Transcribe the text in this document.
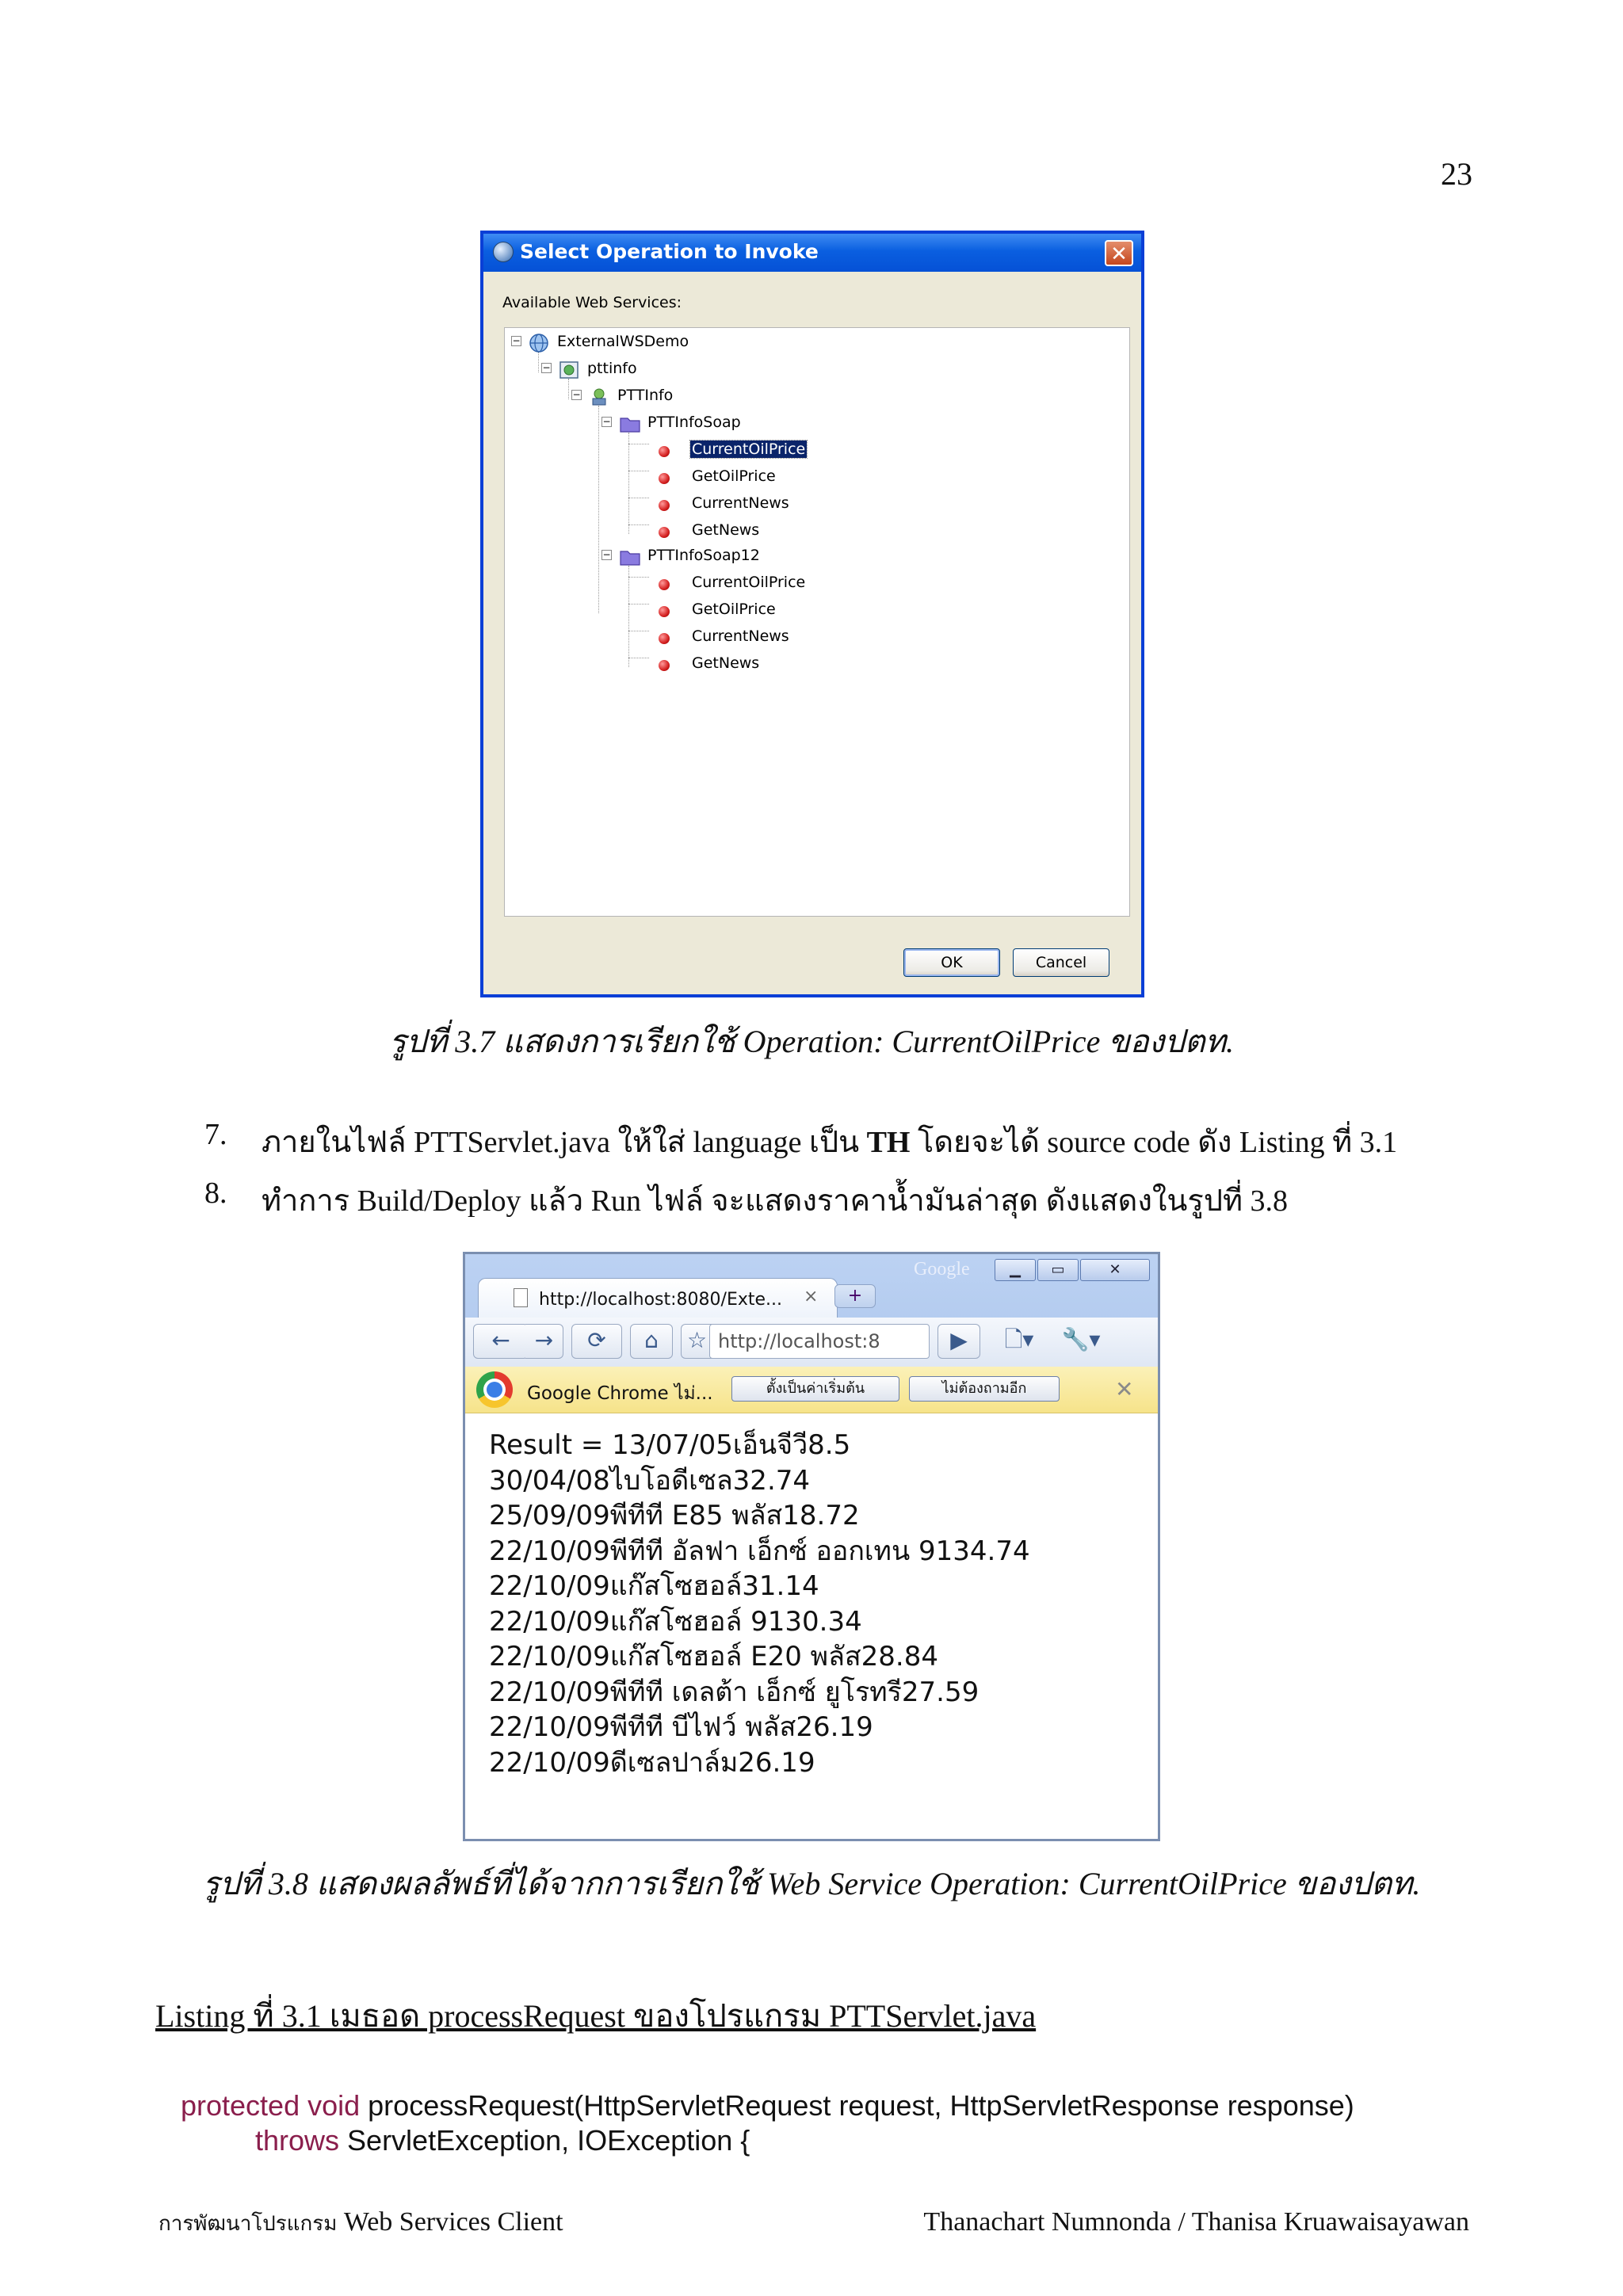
23
Select Operation to Invoke	✕
Available Web Services:
− ExternalWSDemo
− pttinfo
− PTTInfo
− PTTInfoSoap
CurrentOilPrice
GetOilPrice
CurrentNews
GetNews
− PTTInfoSoap12
CurrentOilPrice
GetOilPrice
CurrentNews
GetNews
OK	Cancel
รูปที่ 3.7 แสดงการเรียกใช้ Operation: CurrentOilPrice ของปตท.
7. ภายในไฟล์ PTTServlet.java ให้ใส่ language เป็น TH โดยจะได้ source code ดัง Listing ที่ 3.1
8. ทำการ Build/Deploy แล้ว Run ไฟล์ จะแสดงราคาน้ำมันล่าสุด ดังแสดงในรูปที่ 3.8
Google	▁	▭	✕
http://localhost:8080/Exte... ×	+
←	→	⟳	⌂	☆ http://localhost:8	▶	🗋▾	🔧▾
Google Chrome ไม่...	ตั้งเป็นค่าเริ่มต้น	ไม่ต้องถามอีก	✕
Result = 13/07/05เอ็นจีวี8.5
30/04/08ไบโอดีเซล32.74
25/09/09พีทีที E85 พลัส18.72
22/10/09พีทีที อัลฟา เอ็กซ์ ออกเทน 9134.74
22/10/09แก๊สโซฮอล์31.14
22/10/09แก๊สโซฮอล์ 9130.34
22/10/09แก๊สโซฮอล์ E20 พลัส28.84
22/10/09พีทีที เดลต้า เอ็กซ์ ยูโรทรี27.59
22/10/09พีทีที บีไฟว์ พลัส26.19
22/10/09ดีเซลปาล์ม26.19
รูปที่ 3.8 แสดงผลลัพธ์ที่ได้จากการเรียกใช้ Web Service Operation: CurrentOilPrice ของปตท.
Listing ที่ 3.1 เมธอด processRequest ของโปรแกรม PTTServlet.java
protected void processRequest(HttpServletRequest request, HttpServletResponse response)
throws ServletException, IOException {
การพัฒนาโปรแกรม Web Services Client	Thanachart Numnonda / Thanisa Kruawaisayawan
